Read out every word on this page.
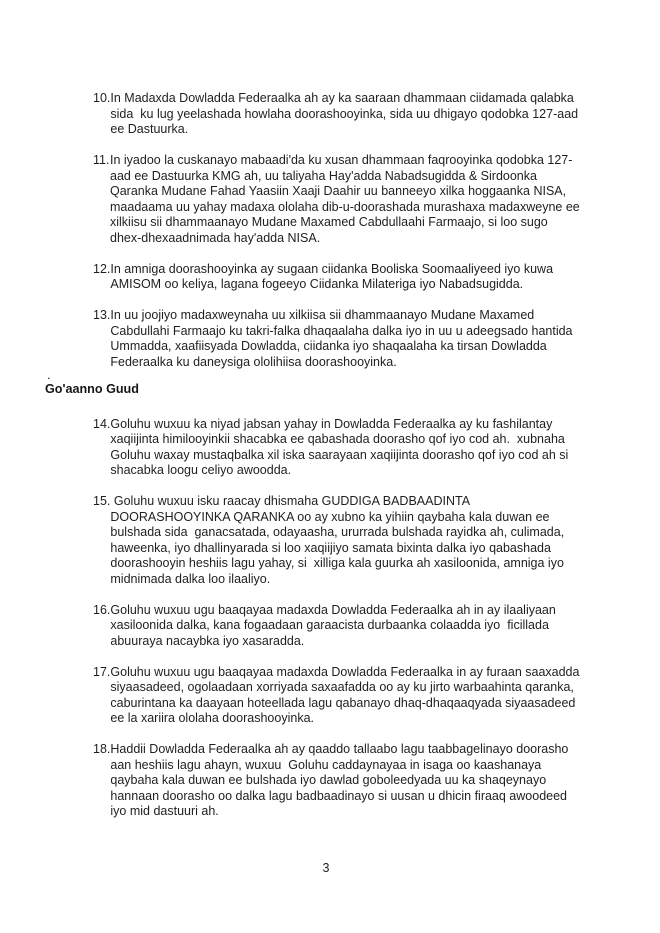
10. In Madaxda Dowladda Federaalka ah ay ka saaraan dhammaan ciidamada qalabka sida  ku lug yeelashada howlaha doorashooyinka, sida uu dhigayo qodobka 127-aad ee Dastuurka.
11. In iyadoo la cuskanayo mabaadi'da ku xusan dhammaan faqrooyinka qodobka 127-aad ee Dastuurka KMG ah, uu taliyaha Hay'adda Nabadsugidda & Sirdoonka Qaranka Mudane Fahad Yaasiin Xaaji Daahir uu banneeyo xilka hoggaanka NISA, maadaama uu yahay madaxa ololaha dib-u-doorashada murashaxa madaxweyne ee xilkiisu sii dhammaanayo Mudane Maxamed Cabdullaahi Farmaajo, si loo sugo dhex-dhexaadnimada hay'adda NISA.
12. In amniga doorashooyinka ay sugaan ciidanka Booliska Soomaaliyeed iyo kuwa AMISOM oo keliya, lagana fogeeyo Ciidanka Milateriga iyo Nabadsugidda.
13. In uu joojiyo madaxweynaha uu xilkiisa sii dhammaanayo Mudane Maxamed Cabdullahi Farmaajo ku takri-falka dhaqaalaha dalka iyo in uu u adeegsado hantida Ummadda, xaafiisyada Dowladda, ciidanka iyo shaqaalaha ka tirsan Dowladda Federaalka ku daneysiga ololihiisa doorashooyinka.
.
Go'aanno Guud
14. Goluhu wuxuu ka niyad jabsan yahay in Dowladda Federaalka ay ku fashilantay xaqiijinta himilooyinkii shacabka ee qabashada doorasho qof iyo cod ah.  xubnaha Goluhu waxay mustaqbalka xil iska saarayaan xaqiijinta doorasho qof iyo cod ah si shacabka loogu celiyo awoodda.
15. Goluhu wuxuu isku raacay dhismaha GUDDIGA BADBAADINTA DOORASHOOYINKA QARANKA oo ay xubno ka yihiin qaybaha kala duwan ee bulshada sida  ganacsatada, odayaasha, ururrada bulshada rayidka ah, culimada, haweenka, iyo dhallinyarada si loo xaqiijiyo samata bixinta dalka iyo qabashada doorashooyin heshiis lagu yahay, si  xilliga kala guurka ah xasiloonida, amniga iyo midnimada dalka loo ilaaliyo.
16. Goluhu wuxuu ugu baaqayaa madaxda Dowladda Federaalka ah in ay ilaaliyaan xasiloonida dalka, kana fogaadaan garaacista durbaanka colaadda iyo  ficillada abuuraya nacaybka iyo xasaradda.
17. Goluhu wuxuu ugu baaqayaa madaxda Dowladda Federaalka in ay furaan saaxadda siyaasadeed, ogolaadaan xorriyada saxaafadda oo ay ku jirto warbaahinta qaranka, caburintana ka daayaan hoteellada lagu qabanayo dhaq-dhaqaaqyada siyaasadeed ee la xariira ololaha doorashooyinka.
18. Haddii Dowladda Federaalka ah ay qaaddo tallaabo lagu taabbagelinayo doorasho aan heshiis lagu ahayn, wuxuu  Goluhu caddaynayaa in isaga oo kaashanaya qaybaha kala duwan ee bulshada iyo dawlad goboleedyada uu ka shaqeynayo hannaan doorasho oo dalka lagu badbaadinayo si uusan u dhicin firaaq awoodeed iyo mid dastuuri ah.
3
